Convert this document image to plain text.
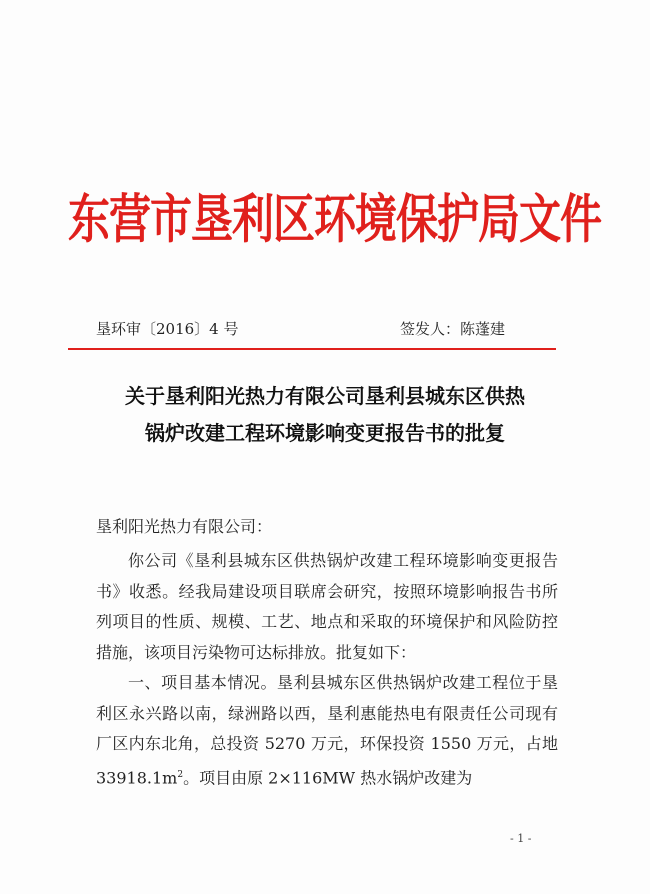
东营市垦利区环境保护局文件
垦环审〔2016〕4 号	签发人：陈蓬建
关于垦利阳光热力有限公司垦利县城东区供热
锅炉改建工程环境影响变更报告书的批复
垦利阳光热力有限公司：

你公司《垦利县城东区供热锅炉改建工程环境影响变更报告书》收悉。经我局建设项目联席会研究，按照环境影响报告书所列项目的性质、规模、工艺、地点和采取的环境保护和风险防控措施，该项目污染物可达标排放。批复如下：

一、项目基本情况。垦利县城东区供热锅炉改建工程位于垦利区永兴路以南，绿洲路以西，垦利惠能热电有限责任公司现有厂区内东北角，总投资 5270 万元，环保投资 1550 万元，占地 $33918.1m^2$。项目由原 2×116MW 热水锅炉改建为

- 1 -
